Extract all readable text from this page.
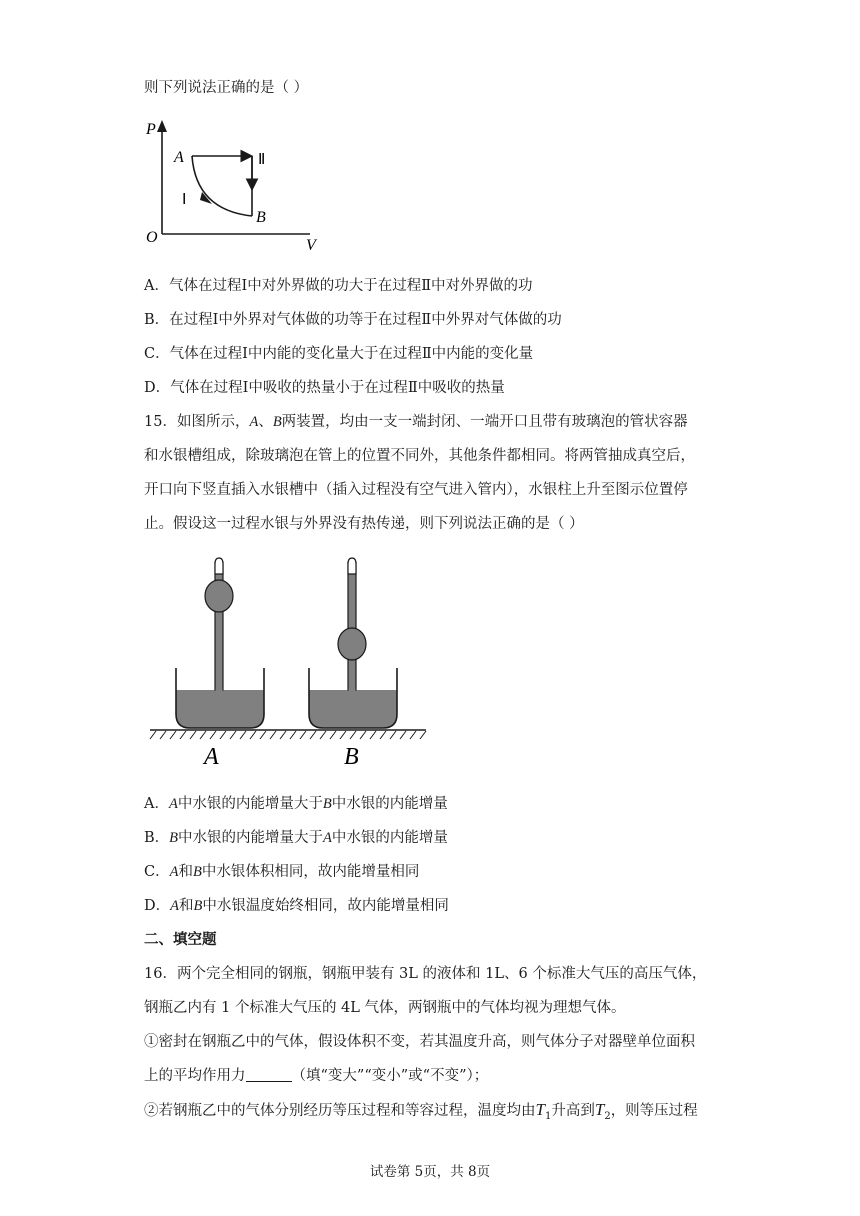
则下列说法正确的是（ ）
P
V
O
A
B
Ⅰ
Ⅱ
A．气体在过程Ⅰ中对外界做的功大于在过程Ⅱ中对外界做的功
B．在过程Ⅰ中外界对气体做的功等于在过程Ⅱ中外界对气体做的功
C．气体在过程Ⅰ中内能的变化量大于在过程Ⅱ中内能的变化量
D．气体在过程Ⅰ中吸收的热量小于在过程Ⅱ中吸收的热量
15．如图所示，A、B两装置，均由一支一端封闭、一端开口且带有玻璃泡的管状容器
和水银槽组成，除玻璃泡在管上的位置不同外，其他条件都相同。将两管抽成真空后，
开口向下竖直插入水银槽中（插入过程没有空气进入管内），水银柱上升至图示位置停
止。假设这一过程水银与外界没有热传递，则下列说法正确的是（ ）
A	B
A．A中水银的内能增量大于B中水银的内能增量
B．B中水银的内能增量大于A中水银的内能增量
C．A和B中水银体积相同，故内能增量相同
D．A和B中水银温度始终相同，故内能增量相同
二、填空题
16．两个完全相同的钢瓶，钢瓶甲装有 3L 的液体和 1L、6 个标准大气压的高压气体，
钢瓶乙内有 1 个标准大气压的 4L 气体，两钢瓶中的气体均视为理想气体。
①密封在钢瓶乙中的气体，假设体积不变，若其温度升高，则气体分子对器壁单位面积
上的平均作用力	（填“变大”“变小”或“不变”）；
②若钢瓶乙中的气体分别经历等压过程和等容过程，温度均由$T_1$升高到$T_2$，则等压过程
试卷第 5页，共 8页
